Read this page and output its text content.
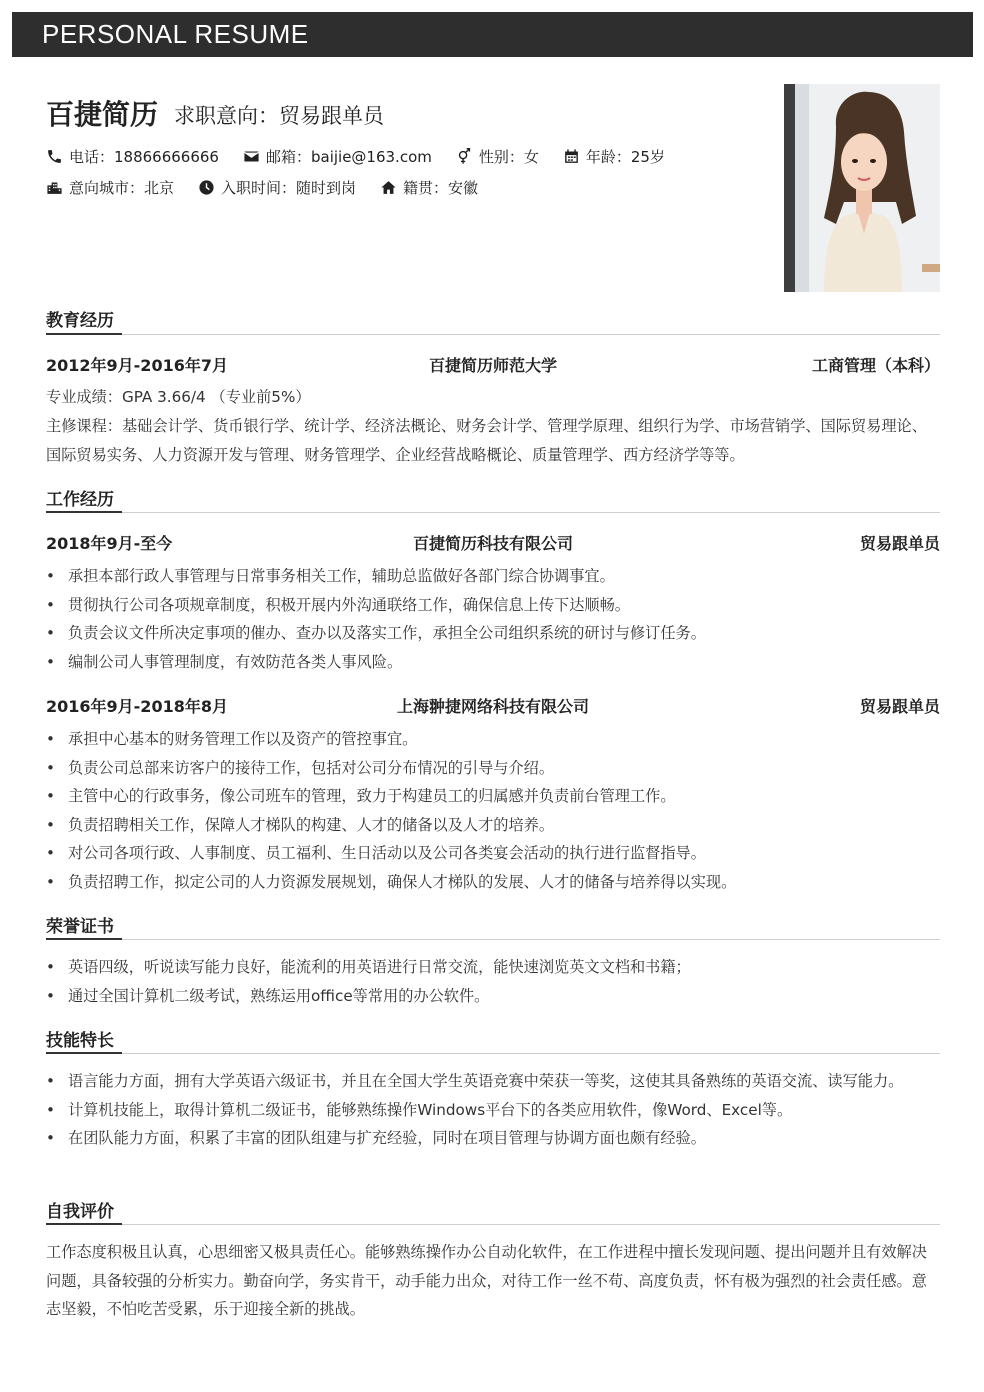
PERSONAL RESUME
百捷简历 求职意向：贸易跟单员
电话：18866666666	邮箱：baijie@163.com	性别：女	年龄：25岁
意向城市：北京	入职时间：随时到岗	籍贯：安徽
教育经历
2012年9月-2016年7月	百捷简历师范大学	工商管理（本科）
专业成绩：GPA 3.66/4 （专业前5%）
主修课程：基础会计学、货币银行学、统计学、经济法概论、财务会计学、管理学原理、组织行为学、市场营销学、国际贸易理论、国际贸易实务、人力资源开发与管理、财务管理学、企业经营战略概论、质量管理学、西方经济学等等。
工作经历
2018年9月-至今	百捷简历科技有限公司	贸易跟单员
• 承担本部行政人事管理与日常事务相关工作，辅助总监做好各部门综合协调事宜。
• 贯彻执行公司各项规章制度，积极开展内外沟通联络工作，确保信息上传下达顺畅。
• 负责会议文件所决定事项的催办、查办以及落实工作，承担全公司组织系统的研讨与修订任务。
• 编制公司人事管理制度，有效防范各类人事风险。
2016年9月-2018年8月	上海翀捷网络科技有限公司	贸易跟单员
• 承担中心基本的财务管理工作以及资产的管控事宜。
• 负责公司总部来访客户的接待工作，包括对公司分布情况的引导与介绍。
• 主管中心的行政事务，像公司班车的管理，致力于构建员工的归属感并负责前台管理工作。
• 负责招聘相关工作，保障人才梯队的构建、人才的储备以及人才的培养。
• 对公司各项行政、人事制度、员工福利、生日活动以及公司各类宴会活动的执行进行监督指导。
• 负责招聘工作，拟定公司的人力资源发展规划，确保人才梯队的发展、人才的储备与培养得以实现。
荣誉证书
• 英语四级，听说读写能力良好，能流利的用英语进行日常交流，能快速浏览英文文档和书籍；
• 通过全国计算机二级考试，熟练运用office等常用的办公软件。
技能特长
• 语言能力方面，拥有大学英语六级证书，并且在全国大学生英语竞赛中荣获一等奖，这使其具备熟练的英语交流、读写能力。
• 计算机技能上，取得计算机二级证书，能够熟练操作Windows平台下的各类应用软件，像Word、Excel等。
• 在团队能力方面，积累了丰富的团队组建与扩充经验，同时在项目管理与协调方面也颇有经验。
自我评价
工作态度积极且认真，心思细密又极具责任心。能够熟练操作办公自动化软件，在工作进程中擅长发现问题、提出问题并且有效解决问题，具备较强的分析实力。勤奋向学，务实肯干，动手能力出众，对待工作一丝不苟、高度负责，怀有极为强烈的社会责任感。意志坚毅，不怕吃苦受累，乐于迎接全新的挑战。
